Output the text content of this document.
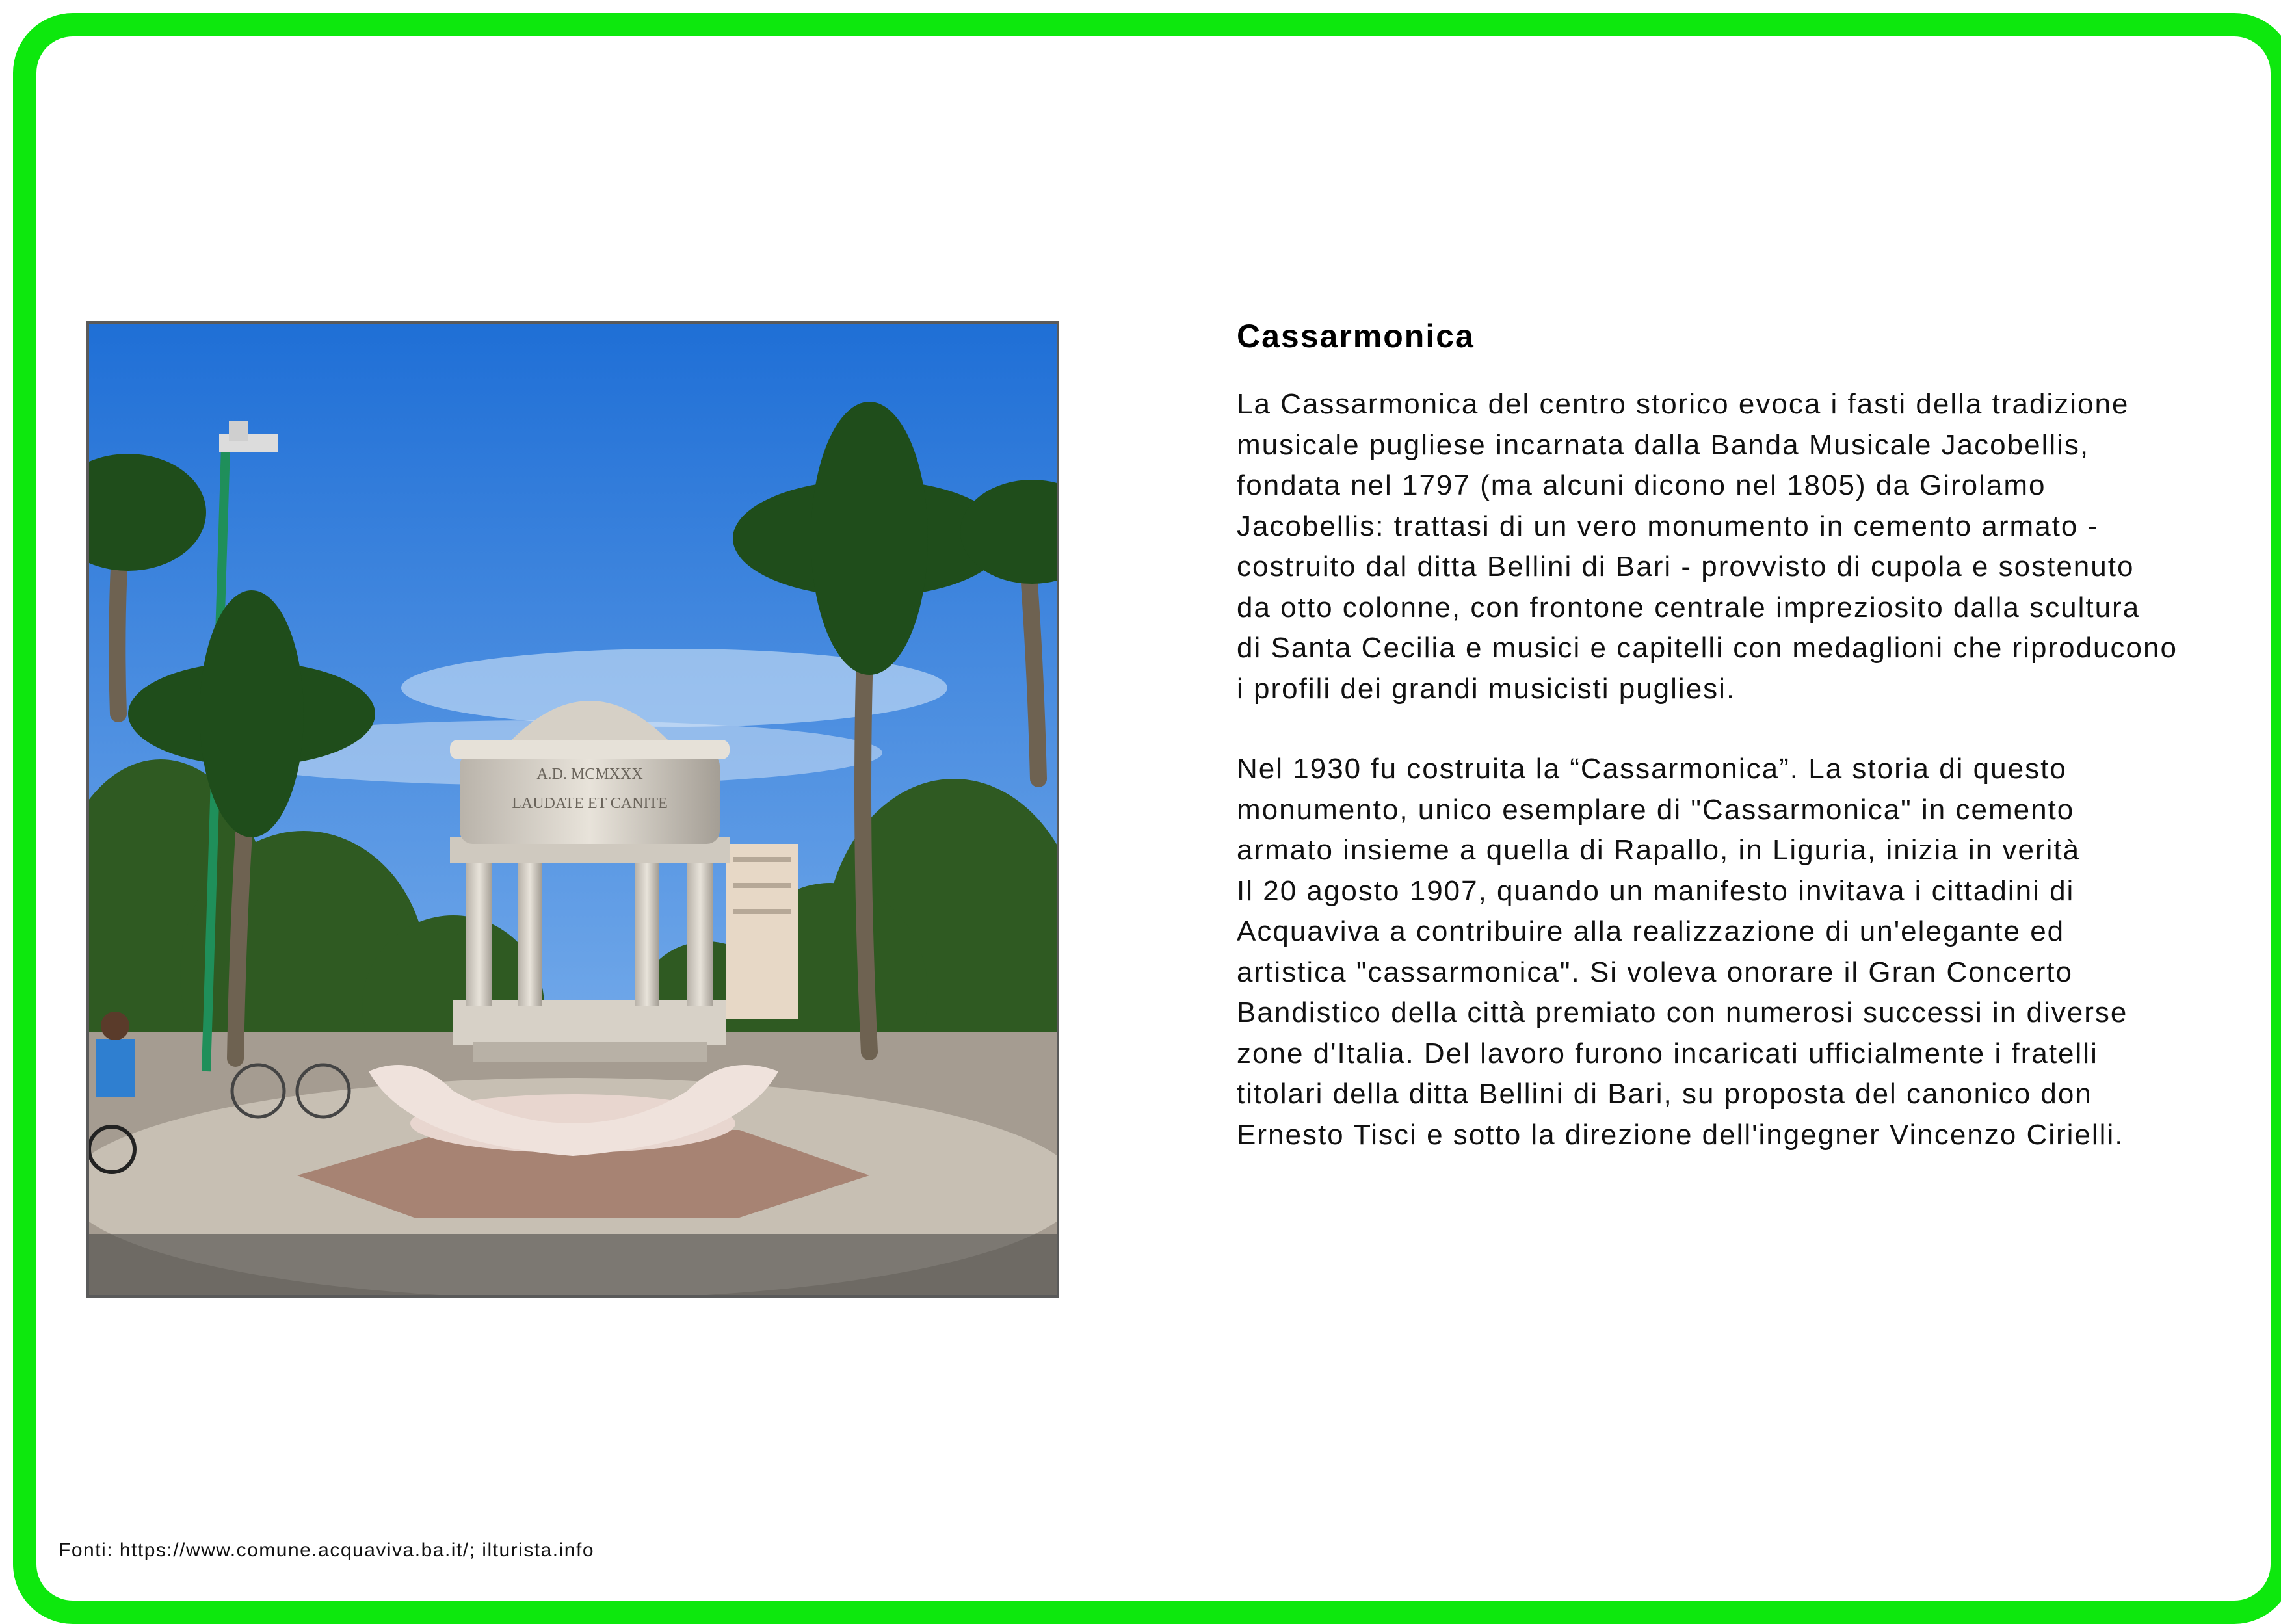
A.D. MCMXXX
LAUDATE ET CANITE
Cassarmonica
La Cassarmonica del centro storico evoca i fasti della tradizione
musicale pugliese incarnata dalla Banda Musicale Jacobellis,
fondata nel 1797 (ma alcuni dicono nel 1805) da Girolamo
Jacobellis: trattasi di un vero monumento in cemento armato -
costruito dal ditta Bellini di Bari - provvisto di cupola e sostenuto
da otto colonne, con frontone centrale impreziosito dalla scultura
di Santa Cecilia e musici e capitelli con medaglioni che riproducono
i profili dei grandi musicisti pugliesi.
Nel 1930 fu costruita la “Cassarmonica”. La storia di questo
monumento, unico esemplare di "Cassarmonica" in cemento
armato insieme a quella di Rapallo, in Liguria, inizia in verità
Il 20 agosto 1907, quando un manifesto invitava i cittadini di
Acquaviva a contribuire alla realizzazione di un'elegante ed
artistica "cassarmonica". Si voleva onorare il Gran Concerto
Bandistico della città premiato con numerosi successi in diverse
zone d'Italia. Del lavoro furono incaricati ufficialmente i fratelli
titolari della ditta Bellini di Bari, su proposta del canonico don
Ernesto Tisci e sotto la direzione dell'ingegner Vincenzo Cirielli.

Fonti: https://www.comune.acquaviva.ba.it/; ilturista.info
